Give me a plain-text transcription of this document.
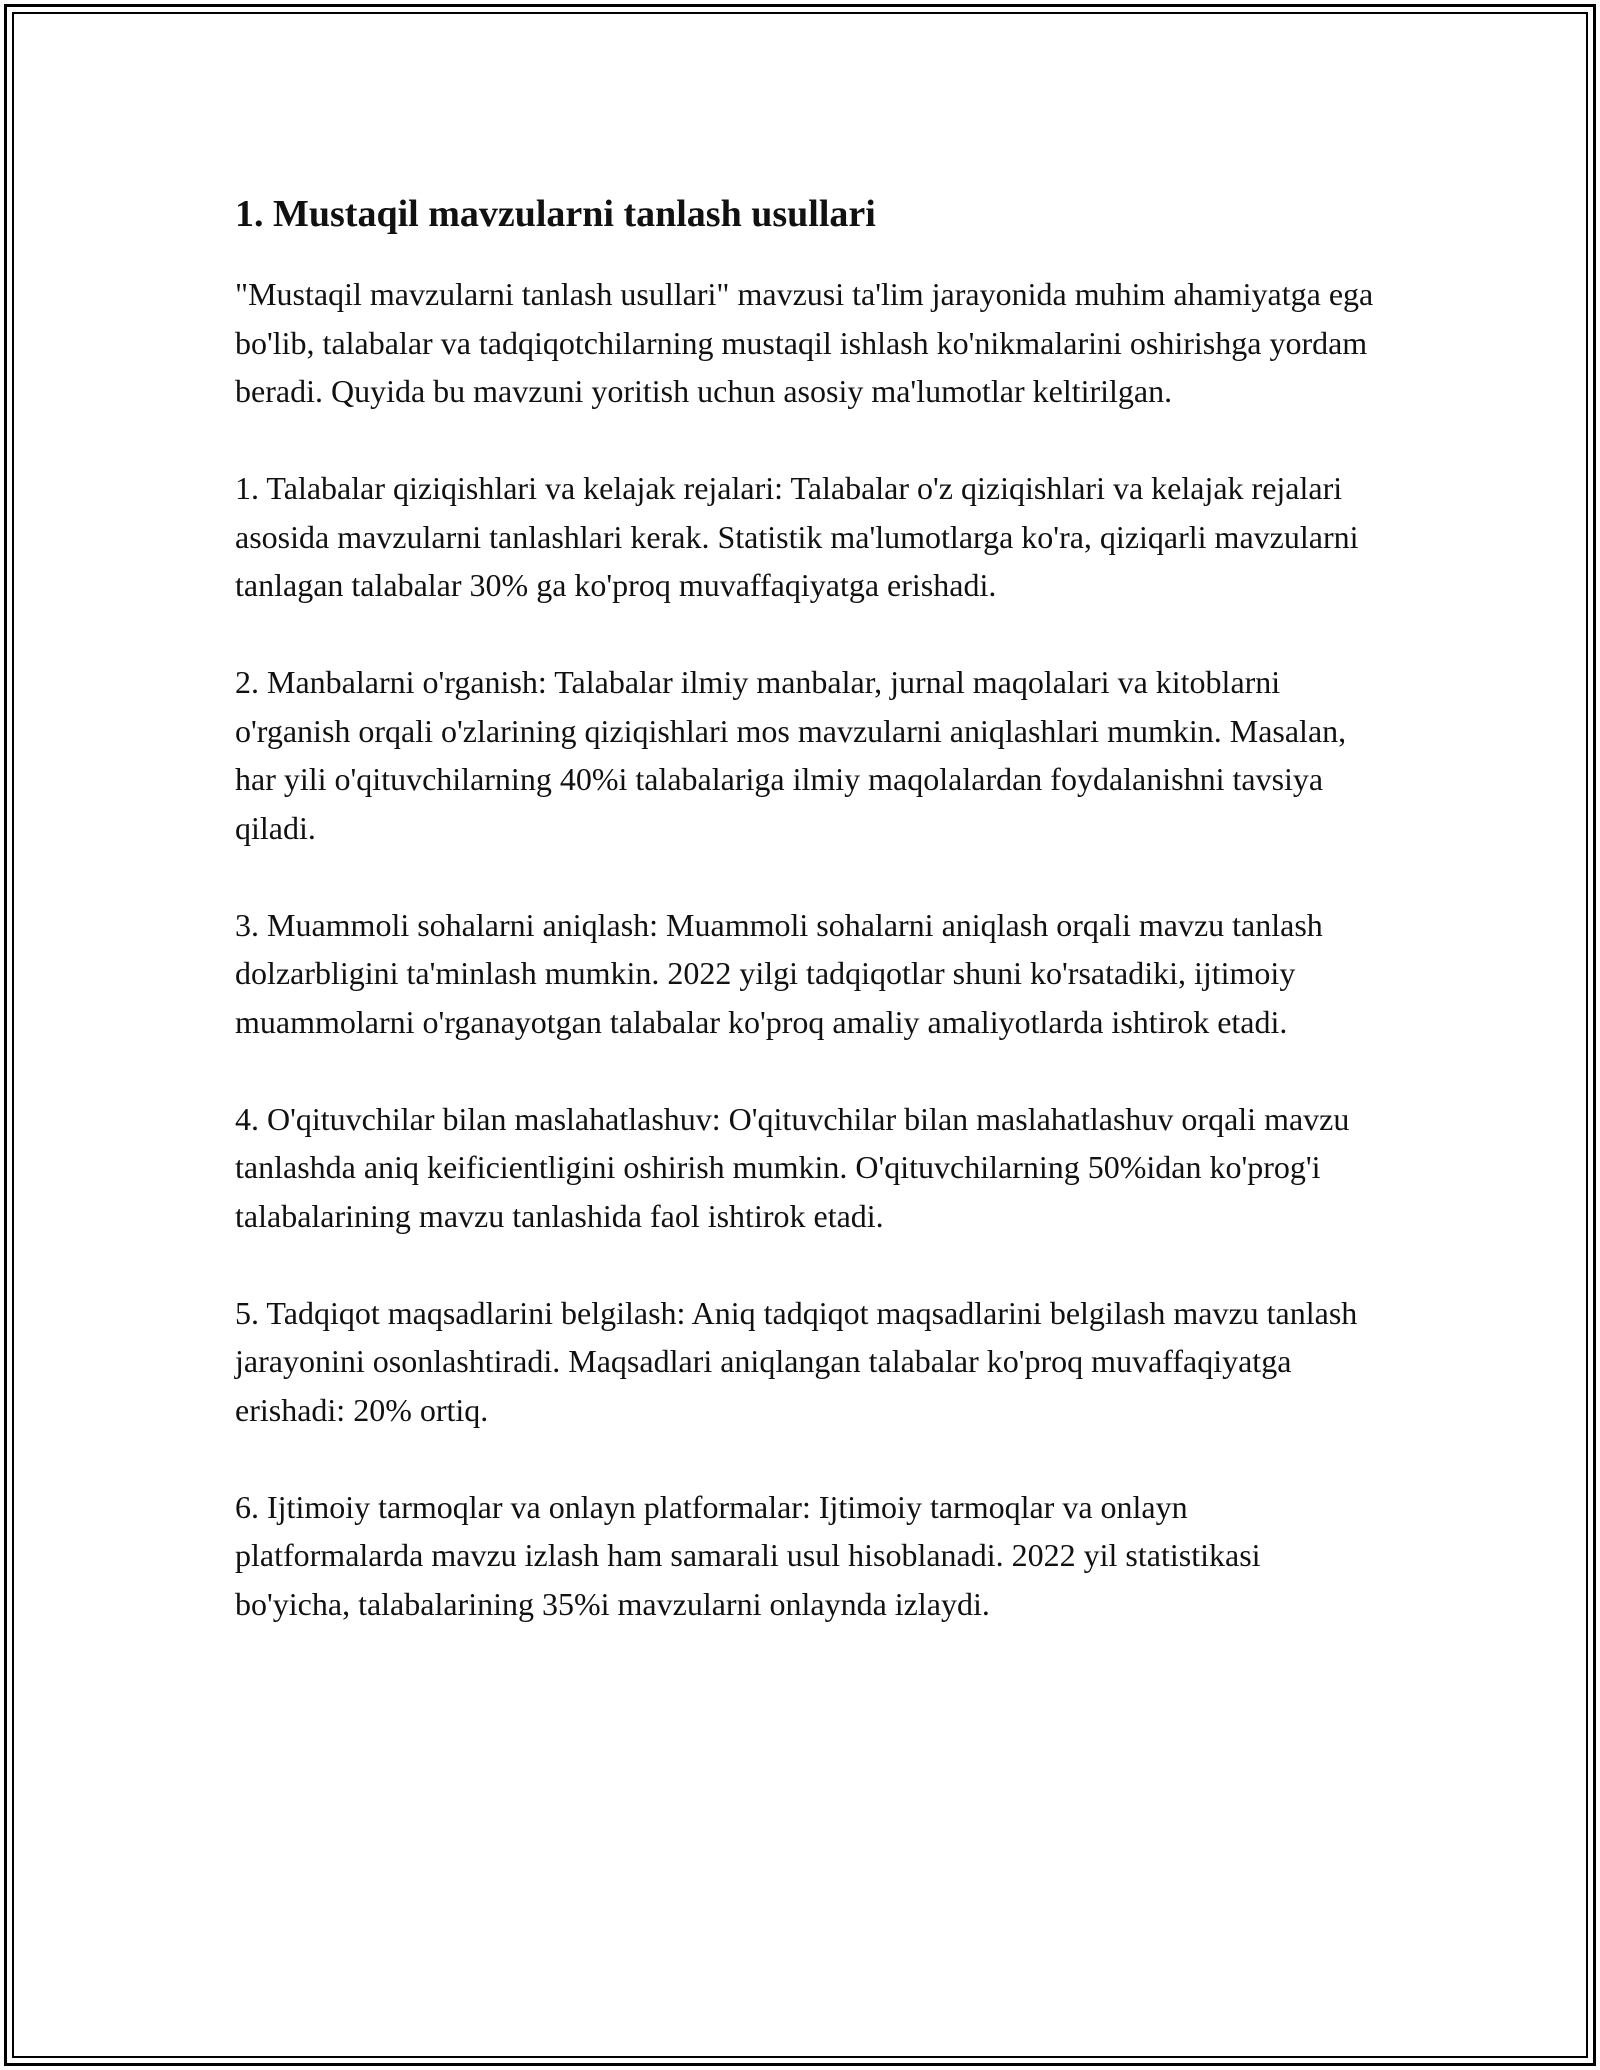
1. Mustaqil mavzularni tanlash usullari

"Mustaqil mavzularni tanlash usullari" mavzusi ta'lim jarayonida muhim ahamiyatga ega bo'lib, talabalar va tadqiqotchilarning mustaqil ishlash ko'nikmalarini oshirishga yordam beradi. Quyida bu mavzuni yoritish uchun asosiy ma'lumotlar keltirilgan.

1. Talabalar qiziqishlari va kelajak rejalari: Talabalar o'z qiziqishlari va kelajak rejalari asosida mavzularni tanlashlari kerak. Statistik ma'lumotlarga ko'ra, qiziqarli mavzularni tanlagan talabalar 30% ga ko'proq muvaffaqiyatga erishadi.

2. Manbalarni o'rganish: Talabalar ilmiy manbalar, jurnal maqolalari va kitoblarni o'rganish orqali o'zlarining qiziqishlari mos mavzularni aniqlashlari mumkin. Masalan, har yili o'qituvchilarning 40%i talabalariga ilmiy maqolalardan foydalanishni tavsiya qiladi.

3. Muammoli sohalarni aniqlash: Muammoli sohalarni aniqlash orqali mavzu tanlash dolzarbligini ta'minlash mumkin. 2022 yilgi tadqiqotlar shuni ko'rsatadiki, ijtimoiy muammolarni o'rganayotgan talabalar ko'proq amaliy amaliyotlarda ishtirok etadi.

4. O'qituvchilar bilan maslahatlashuv: O'qituvchilar bilan maslahatlashuv orqali mavzu tanlashda aniq keificientligini oshirish mumkin. O'qituvchilarning 50%idan ko'prog'i talabalarining mavzu tanlashida faol ishtirok etadi.

5. Tadqiqot maqsadlarini belgilash: Aniq tadqiqot maqsadlarini belgilash mavzu tanlash jarayonini osonlashtiradi. Maqsadlari aniqlangan talabalar ko'proq muvaffaqiyatga erishadi: 20% ortiq.

6. Ijtimoiy tarmoqlar va onlayn platformalar: Ijtimoiy tarmoqlar va onlayn platformalarda mavzu izlash ham samarali usul hisoblanadi. 2022 yil statistikasi bo'yicha, talabalarining 35%i mavzularni onlaynda izlaydi.
